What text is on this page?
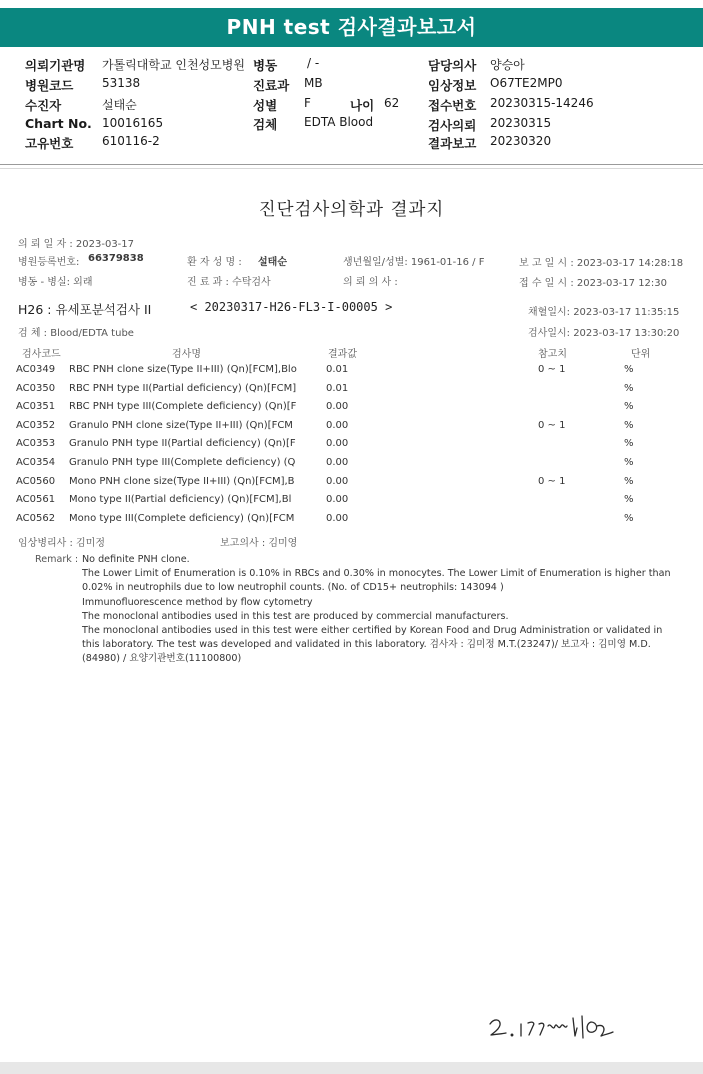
PNH test 검사결과보고서
의뢰기관명 가톨릭대학교 인천성모병원 병동 / -	담당의사 양승아
병원코드 53138	진료과 MB	임상정보 O67TE2MP0
수진자	설태순	성별 F	나이 62 접수번호 20230315-14246
Chart No. 10016165	검체 EDTA Blood	검사의뢰 20230315
고유번호 610116-2	결과보고 20230320
진단검사의학과 결과지
의 뢰 일 자 : 2023-03-17
병원등록번호: 66379838	환 자 성 명 : 설태순	생년월일/성별: 1961-01-16 / F	보 고 일 시 : 2023-03-17 14:28:18
병동 - 병실: 외래	진 료 과 : 수탁검사	의 뢰 의 사 :	접 수 일 시 : 2023-03-17 12:30
H26 : 유세포분석검사 II	< 20230317-H26-FL3-I-00005 >	채혈일시: 2023-03-17 11:35:15
검 체 : Blood/EDTA tube	검사일시: 2023-03-17 13:30:20
검사코드	검사명	결과값	참고치	단위
AC0349 RBC PNH clone size(Type II+III) (Qn)[FCM],Blo	0.01	0 ~ 1	%
AC0350 RBC PNH type II(Partial deficiency) (Qn)[FCM]	0.01	%
AC0351 RBC PNH type III(Complete deficiency) (Qn)[F	0.00	%
AC0352 Granulo PNH clone size(Type II+III) (Qn)[FCM	0.00	0 ~ 1	%
AC0353 Granulo PNH type II(Partial deficiency) (Qn)[F	0.00	%
AC0354 Granulo PNH type III(Complete deficiency) (Q	0.00	%
AC0560 Mono PNH clone size(Type II+III) (Qn)[FCM],B	0.00	0 ~ 1	%
AC0561 Mono type II(Partial deficiency) (Qn)[FCM],Bl	0.00	%
AC0562 Mono type III(Complete deficiency) (Qn)[FCM	0.00	%
임상병리사 : 김미정	보고의사 : 김미영
Remark : No definite PNH clone.
The Lower Limit of Enumeration is 0.10% in RBCs and 0.30% in monocytes. The Lower Limit of Enumeration is higher than
0.02% in neutrophils due to low neutrophil counts. (No. of CD15+ neutrophils: 143094 )
Immunofluorescence method by flow cytometry
The monoclonal antibodies used in this test are produced by commercial manufacturers.
The monoclonal antibodies used in this test were either certified by Korean Food and Drug Administration or validated in
this laboratory. The test was developed and validated in this laboratory. 검사자 : 김미정 M.T.(23247)/ 보고자 : 김미영 M.D.
(84980) / 요양기관번호(11100800)
